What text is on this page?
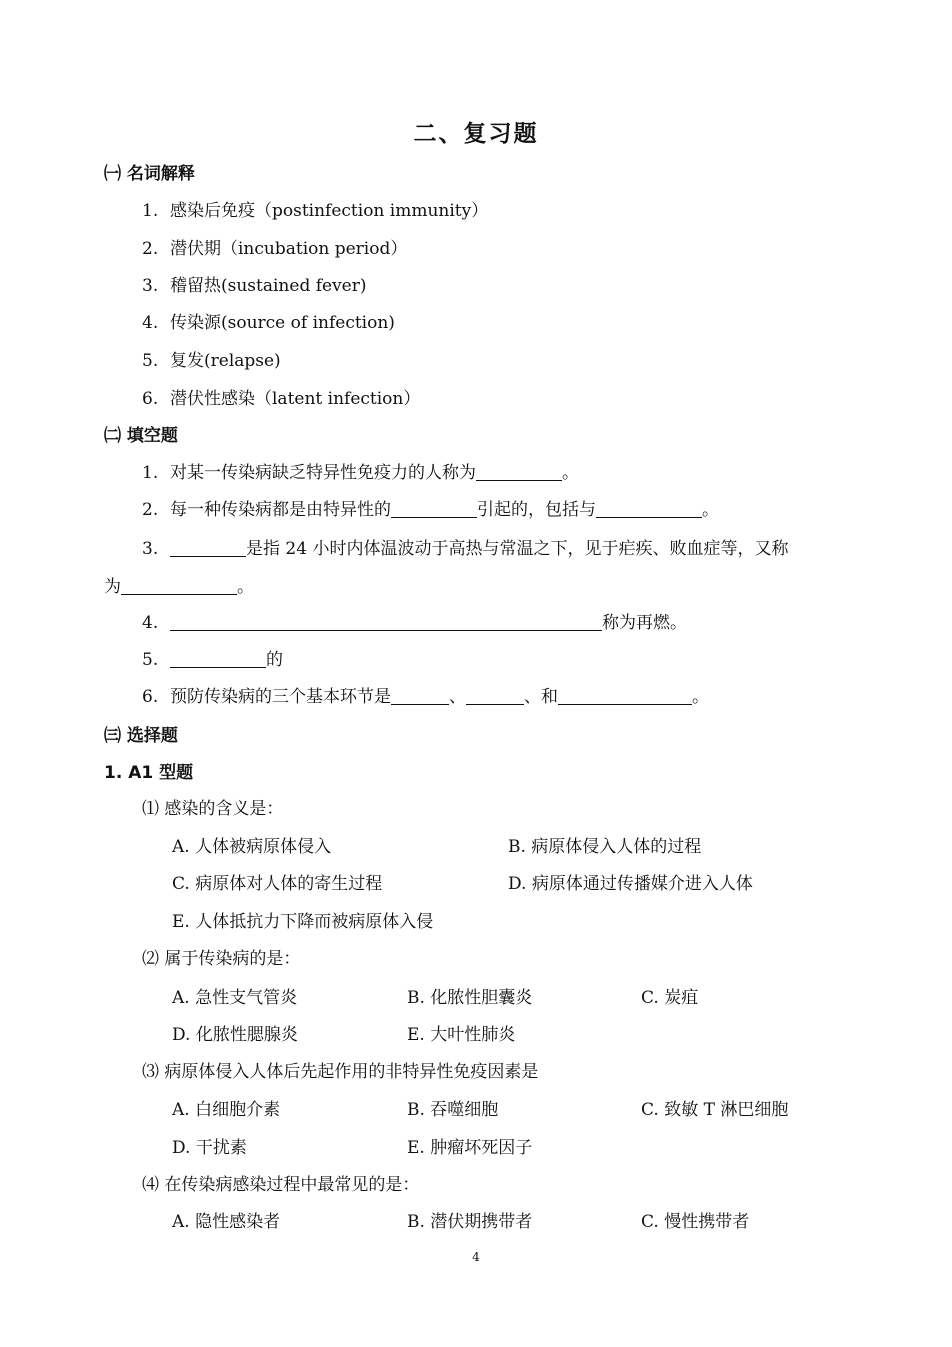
二、复习题
㈠ 名词解释
1. 感染后免疫（postinfection immunity）
2. 潜伏期（incubation period）
3. 稽留热(sustained fever)
4. 传染源(source of infection)
5. 复发(relapse)
6. 潜伏性感染（latent infection）
㈡ 填空题
1. 对某一传染病缺乏特异性免疫力的人称为	。
2. 每一种传染病都是由特异性的	引起的，包括与	。
3.	是指 24 小时内体温波动于高热与常温之下，见于疟疾、败血症等，又称
为	。
4.	称为再燃。
5.	的
6. 预防传染病的三个基本环节是	、	、和	。
㈢ 选择题
1. A1 型题
⑴ 感染的含义是：
A. 人体被病原体侵入	B. 病原体侵入人体的过程
C. 病原体对人体的寄生过程	D. 病原体通过传播媒介进入人体
E. 人体抵抗力下降而被病原体入侵
⑵ 属于传染病的是：
A. 急性支气管炎	B. 化脓性胆囊炎	C. 炭疽
D. 化脓性腮腺炎	E. 大叶性肺炎
⑶ 病原体侵入人体后先起作用的非特异性免疫因素是
A. 白细胞介素	B. 吞噬细胞	C. 致敏 T 淋巴细胞
D. 干扰素	E. 肿瘤坏死因子
⑷ 在传染病感染过程中最常见的是：
A. 隐性感染者	B. 潜伏期携带者	C. 慢性携带者
4
